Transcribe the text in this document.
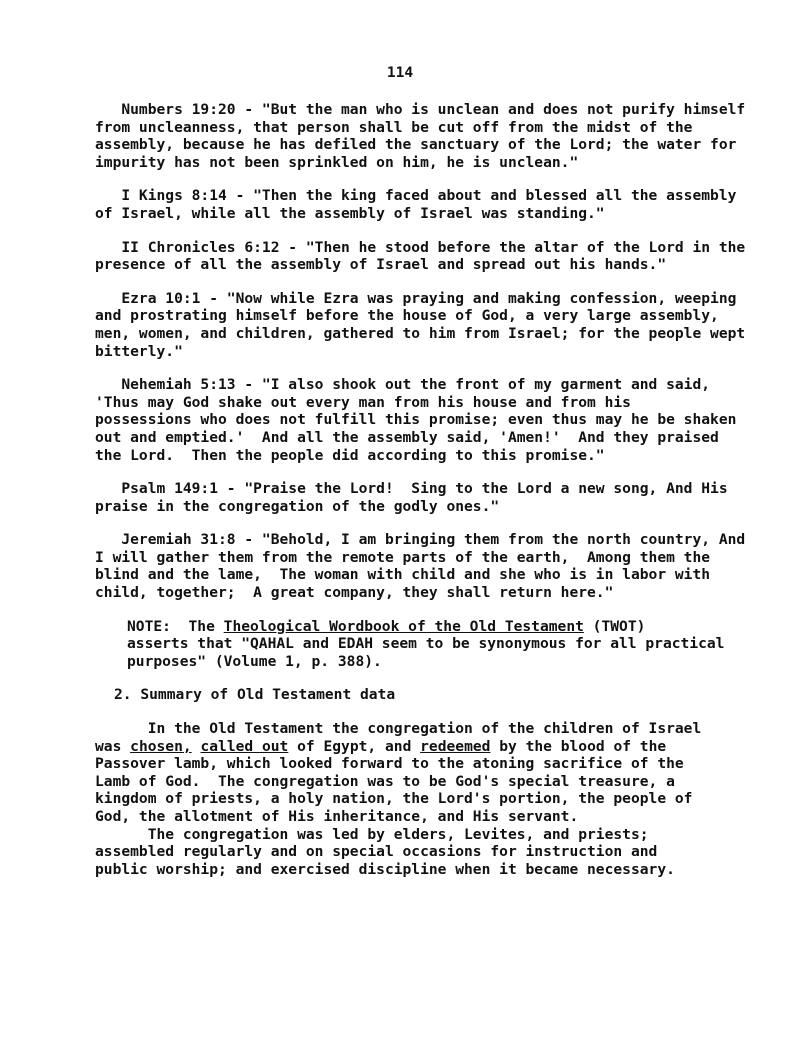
114
Numbers 19:20 - "But the man who is unclean and does not purify himself
from uncleanness, that person shall be cut off from the midst of the
assembly, because he has defiled the sanctuary of the Lord; the water for
impurity has not been sprinkled on him, he is unclean."
I Kings 8:14 - "Then the king faced about and blessed all the assembly
of Israel, while all the assembly of Israel was standing."
II Chronicles 6:12 - "Then he stood before the altar of the Lord in the
presence of all the assembly of Israel and spread out his hands."
Ezra 10:1 - "Now while Ezra was praying and making confession, weeping
and prostrating himself before the house of God, a very large assembly,
men, women, and children, gathered to him from Israel; for the people wept
bitterly."
Nehemiah 5:13 - "I also shook out the front of my garment and said,
'Thus may God shake out every man from his house and from his
possessions who does not fulfill this promise; even thus may he be shaken
out and emptied.'  And all the assembly said, 'Amen!'  And they praised
the Lord.  Then the people did according to this promise."
Psalm 149:1 - "Praise the Lord!  Sing to the Lord a new song, And His
praise in the congregation of the godly ones."
Jeremiah 31:8 - "Behold, I am bringing them from the north country, And
I will gather them from the remote parts of the earth,  Among them the
blind and the lame,  The woman with child and she who is in labor with
child, together;  A great company, they shall return here."
NOTE:  The Theological Wordbook of the Old Testament (TWOT)
asserts that "QAHAL and EDAH seem to be synonymous for all practical
purposes" (Volume 1, p. 388).
2. Summary of Old Testament data
In the Old Testament the congregation of the children of Israel
was chosen, called out of Egypt, and redeemed by the blood of the
Passover lamb, which looked forward to the atoning sacrifice of the
Lamb of God.  The congregation was to be God's special treasure, a
kingdom of priests, a holy nation, the Lord's portion, the people of
God, the allotment of His inheritance, and His servant.
The congregation was led by elders, Levites, and priests;
assembled regularly and on special occasions for instruction and
public worship; and exercised discipline when it became necessary.
